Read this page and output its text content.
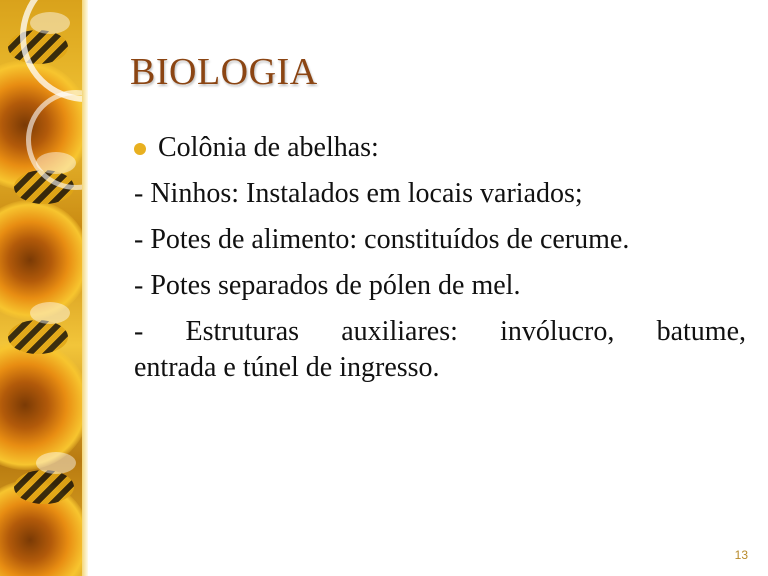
BIOLOGIA
Colônia de abelhas:
- Ninhos: Instalados em locais variados;
- Potes de alimento: constituídos de cerume.
- Potes separados de pólen de mel.
- Estruturas auxiliares: invólucro, batume,
entrada e túnel de ingresso.
13
